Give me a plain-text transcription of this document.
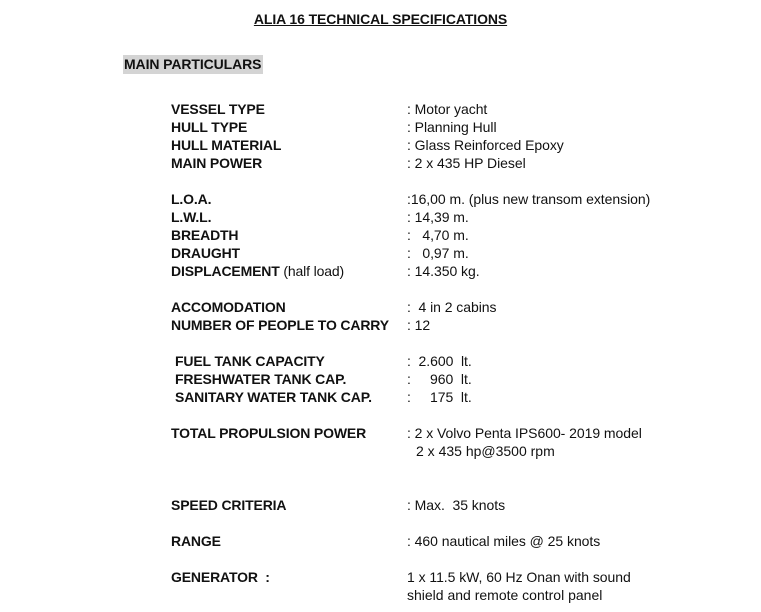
ALIA 16 TECHNICAL SPECIFICATIONS
MAIN PARTICULARS
VESSEL TYPE	: Motor yacht
HULL TYPE	: Planning Hull
HULL MATERIAL	: Glass Reinforced Epoxy
MAIN POWER	: 2 x 435 HP Diesel
L.O.A.	:16,00 m. (plus new transom extension)
L.W.L.	: 14,39 m.
BREADTH	:   4,70 m.
DRAUGHT	:   0,97 m.
DISPLACEMENT (half load)	: 14.350 kg.
ACCOMODATION	:  4 in 2 cabins
NUMBER OF PEOPLE TO CARRY : 12
FUEL TANK CAPACITY	:  2.600  lt.
FRESHWATER TANK CAP.	:     960  lt.
SANITARY WATER TANK CAP.	:     175  lt.
TOTAL PROPULSION POWER	: 2 x Volvo Penta IPS600- 2019 model
2 x 435 hp@3500 rpm
SPEED CRITERIA	: Max.  35 knots
RANGE	: 460 nautical miles @ 25 knots
GENERATOR  :	1 x 11.5 kW, 60 Hz Onan with sound
shield and remote control panel
